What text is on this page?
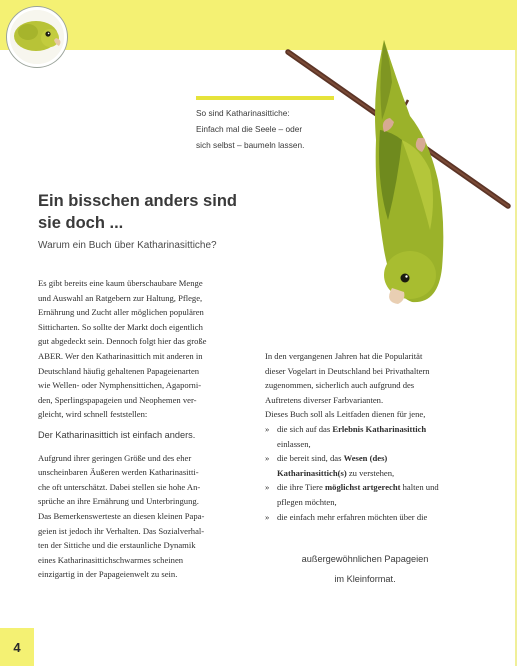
So sind Katharinasittiche:
Einfach mal die Seele – oder
sich selbst – baumeln lassen.
Ein bisschen anders sind
sie doch ...
Warum ein Buch über Katharinasittiche?
Es gibt bereits eine kaum überschaubare Menge
und Auswahl an Ratgebern zur Haltung, Pflege,
Ernährung und Zucht aller möglichen populären
Sitticharten. So sollte der Markt doch eigentlich
gut abgedeckt sein. Dennoch folgt hier das große
ABER. Wer den Katharinasittich mit anderen in
Deutschland häufig gehaltenen Papageienarten
wie Wellen- oder Nymphensittichen, Agaporni-
den, Sperlingspapageien und Neophemen ver-
gleicht, wird schnell feststellen:
Der Katharinasittich ist einfach anders.
Aufgrund ihrer geringen Größe und des eher
unscheinbaren Äußeren werden Katharinasitti-
che oft unterschätzt. Dabei stellen sie hohe An-
sprüche an ihre Ernährung und Unterbringung.
Das Bemerkenswerteste an diesen kleinen Papa-
geien ist jedoch ihr Verhalten. Das Sozialverhal-
ten der Sittiche und die erstaunliche Dynamik
eines Katharinasittichschwarmes scheinen
einzigartig in der Papageienwelt zu sein.
In den vergangenen Jahren hat die Popularität
dieser Vogelart in Deutschland bei Privathaltern
zugenommen, sicherlich auch aufgrund des
Auftretens diverser Farbvarianten.
Dieses Buch soll als Leitfaden dienen für jene,
» die sich auf das Erlebnis Katharinasittich
einlassen,
» die bereit sind, das Wesen (des)
Katharinasittich(s) zu verstehen,
» die ihre Tiere möglichst artgerecht halten und
pflegen möchten,
» die einfach mehr erfahren möchten über die
außergewöhnlichen Papageien
im Kleinformat.
4
